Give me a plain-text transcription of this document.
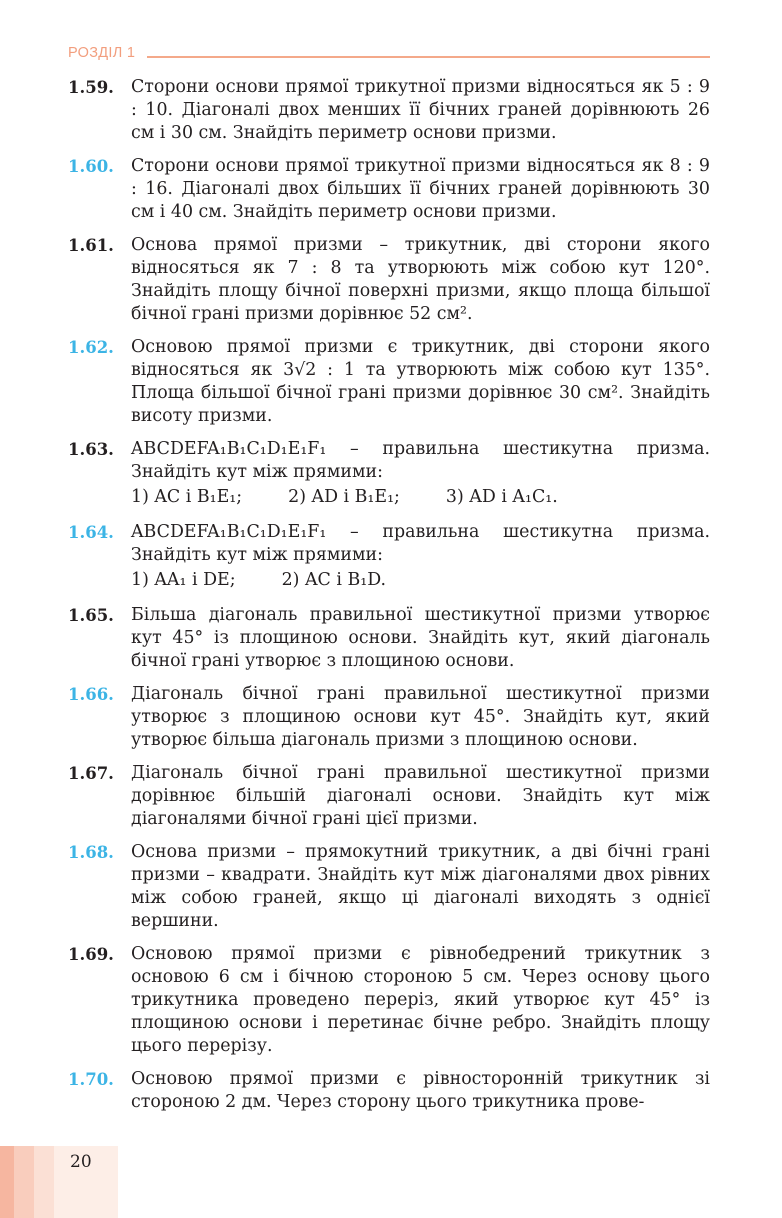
РОЗДІЛ 1
1.59. Сторони основи прямої трикутної призми відносяться як 5 : 9 : 10. Діагоналі двох менших її бічних граней дорівнюють 26 см і 30 см. Знайдіть периметр основи призми.

1.60. Сторони основи прямої трикутної призми відносяться як 8 : 9 : 16. Діагоналі двох більших її бічних граней дорівнюють 30 см і 40 см. Знайдіть периметр основи призми.

1.61. Основа прямої призми – трикутник, дві сторони якого відносяться як 7 : 8 та утворюють між собою кут 120°. Знайдіть площу бічної поверхні призми, якщо площа більшої бічної грані призми дорівнює 52 см².

1.62. Основою прямої призми є трикутник, дві сторони якого відносяться як 3√2 : 1 та утворюють між собою кут 135°. Площа більшої бічної грані призми дорівнює 30 см². Знайдіть висоту призми.

1.63. ABCDEFA₁B₁C₁D₁E₁F₁ – правильна шестикутна призма. Знайдіть кут між прямими:

1) AC і B₁E₁;	2) AD і B₁E₁;	3) AD і A₁C₁.
1.64. ABCDEFA₁B₁C₁D₁E₁F₁ – правильна шестикутна призма. Знайдіть кут між прямими:

1) AA₁ і DE;	2) AC і B₁D.
1.65. Більша діагональ правильної шестикутної призми утворює кут 45° із площиною основи. Знайдіть кут, який діагональ бічної грані утворює з площиною основи.

1.66. Діагональ бічної грані правильної шестикутної призми утворює з площиною основи кут 45°. Знайдіть кут, який утворює більша діагональ призми з площиною основи.

1.67. Діагональ бічної грані правильної шестикутної призми дорівнює більшій діагоналі основи. Знайдіть кут між діагоналями бічної грані цієї призми.

1.68. Основа призми – прямокутний трикутник, а дві бічні грані призми – квадрати. Знайдіть кут між діагоналями двох рівних між собою граней, якщо ці діагоналі виходять з однієї вершини.

1.69. Основою прямої призми є рівнобедрений трикутник з основою 6 см і бічною стороною 5 см. Через основу цього трикутника проведено переріз, який утворює кут 45° із площиною основи і перетинає бічне ребро. Знайдіть площу цього перерізу.

1.70. Основою прямої призми є рівносторонній трикутник зі стороною 2 дм. Через сторону цього трикутника прове-

20
